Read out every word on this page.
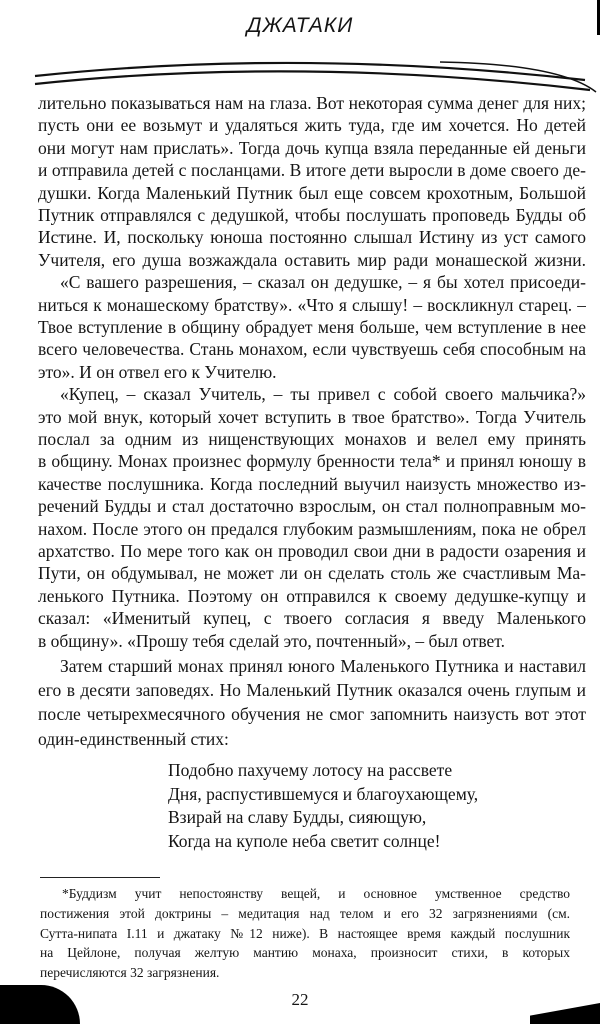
ДЖАТАКИ
лительно показываться нам на глаза. Вот некоторая сумма денег для них;
пусть они ее возьмут и удаляться жить туда, где им хочется. Но детей
они могут нам прислать». Тогда дочь купца взяла переданные ей деньги
и отправила детей с посланцами. В итоге дети выросли в доме своего де-
душки. Когда Маленький Путник был еще совсем крохотным, Большой
Путник отправлялся с дедушкой, чтобы послушать проповедь Будды об
Истине. И, поскольку юноша постоянно слышал Истину из уст самого
Учителя, его душа возжаждала оставить мир ради монашеской жизни.
«С вашего разрешения, – сказал он дедушке, – я бы хотел присоеди-
ниться к монашескому братству». «Что я слышу! – воскликнул старец. –
Твое вступление в общину обрадует меня больше, чем вступление в нее
всего человечества. Стань монахом, если чувствуешь себя способным на
это». И он отвел его к Учителю.
«Купец, – сказал Учитель, – ты привел с собой своего мальчика?»
это мой внук, который хочет вступить в твое братство». Тогда Учитель
послал за одним из нищенствующих монахов и велел ему принять
в общину. Монах произнес формулу бренности тела* и принял юношу в
качестве послушника. Когда последний выучил наизусть множество из-
речений Будды и стал достаточно взрослым, он стал полноправным мо-
нахом. После этого он предался глубоким размышлениям, пока не обрел
архатство. По мере того как он проводил свои дни в радости озарения и
Пути, он обдумывал, не может ли он сделать столь же счастливым Ма-
ленького Путника. Поэтому он отправился к своему дедушке-купцу и
сказал: «Именитый купец, с твоего согласия я введу Маленького
в общину». «Прошу тебя сделай это, почтенный», – был ответ.
Затем старший монах принял юного Маленького Путника и наставил
его в десяти заповедях. Но Маленький Путник оказался очень глупым и
после четырехмесячного обучения не смог запомнить наизусть вот этот
один-единственный стих:
Подобно пахучему лотосу на рассвете
Дня, распустившемуся и благоухающему,
Взирай на славу Будды, сияющую,
Когда на куполе неба светит солнце!
*Буддизм учит непостоянству вещей, и основное умственное средство
постижения этой доктрины – медитация над телом и его 32 загрязнениями (см.
Сутта-нипата I.11 и джатаку №12 ниже). В настоящее время каждый послушник
на Цейлоне, получая желтую мантию монаха, произносит стихи, в которых
перечисляются 32 загрязнения.
22
